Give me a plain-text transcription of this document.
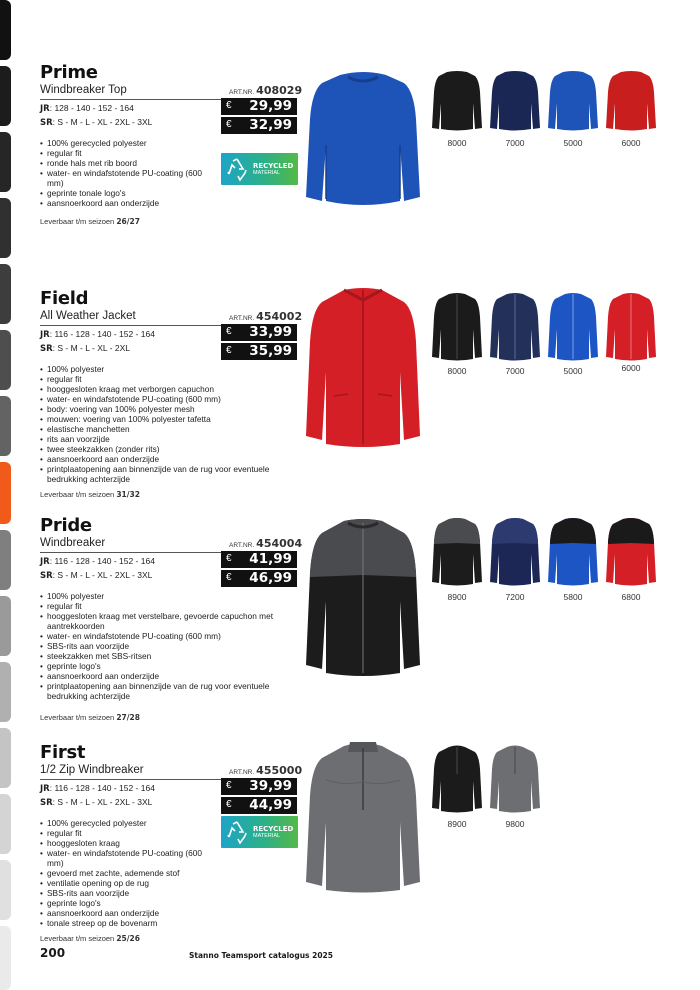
Prime
Windbreaker Top	ART.NR. 408029
JR: 128 - 140 - 152 - 164
SR: S - M - L - XL - 2XL - 3XL
€ 29,99
€ 32,99
• 100% gerecycled polyester
• regular fit
• ronde hals met rib boord
• water- en windafstotende PU-coating (600 mm)
• geprinte tonale logo's
• aansnoerkoord aan onderzijde
RECYCLED
MATERIAL
Leverbaar t/m seizoen 26/27
8000	7000	5000	6000
Field
All Weather Jacket	ART.NR. 454002
JR: 116 - 128 - 140 - 152 - 164
SR: S - M - L - XL - 2XL
€ 33,99
€ 35,99
• 100% polyester
• regular fit
• hooggesloten kraag met verborgen capuchon
• water- en windafstotende PU-coating (600 mm)
• body: voering van 100% polyester mesh
• mouwen: voering van 100% polyester tafetta
• elastische manchetten
• rits aan voorzijde
• twee steekzakken (zonder rits)
• aansnoerkoord aan onderzijde
• printplaatopening aan binnenzijde van de rug voor eventuele bedrukking achterzijde
Leverbaar t/m seizoen 31/32
8000	7000	5000	6000
Pride
Windbreaker	ART.NR. 454004
JR: 116 - 128 - 140 - 152 - 164
SR: S - M - L - XL - 2XL - 3XL
€ 41,99
€ 46,99
• 100% polyester
• regular fit
• hooggesloten kraag met verstelbare, gevoerde capuchon met aantrekkoorden
• water- en windafstotende PU-coating (600 mm)
• SBS-rits aan voorzijde
• steekzakken met SBS-ritsen
• geprinte logo's
• aansnoerkoord aan onderzijde
• printplaatopening aan binnenzijde van de rug voor eventuele bedrukking achterzijde
Leverbaar t/m seizoen 27/28
8900	7200	5800	6800
First
1/2 Zip Windbreaker	ART.NR. 455000
JR: 116 - 128 - 140 - 152 - 164
SR: S - M - L - XL - 2XL - 3XL
€ 39,99
€ 44,99
• 100% gerecycled polyester
• regular fit
• hooggesloten kraag
• water- en windafstotende PU-coating (600 mm)
• gevoerd met zachte, ademende stof
• ventilatie opening op de rug
• SBS-rits aan voorzijde
• geprinte logo's
• aansnoerkoord aan onderzijde
• tonale streep op de bovenarm
RECYCLED
MATERIAL
Leverbaar t/m seizoen 25/26
8900	9800
200	Stanno Teamsport catalogus 2025
